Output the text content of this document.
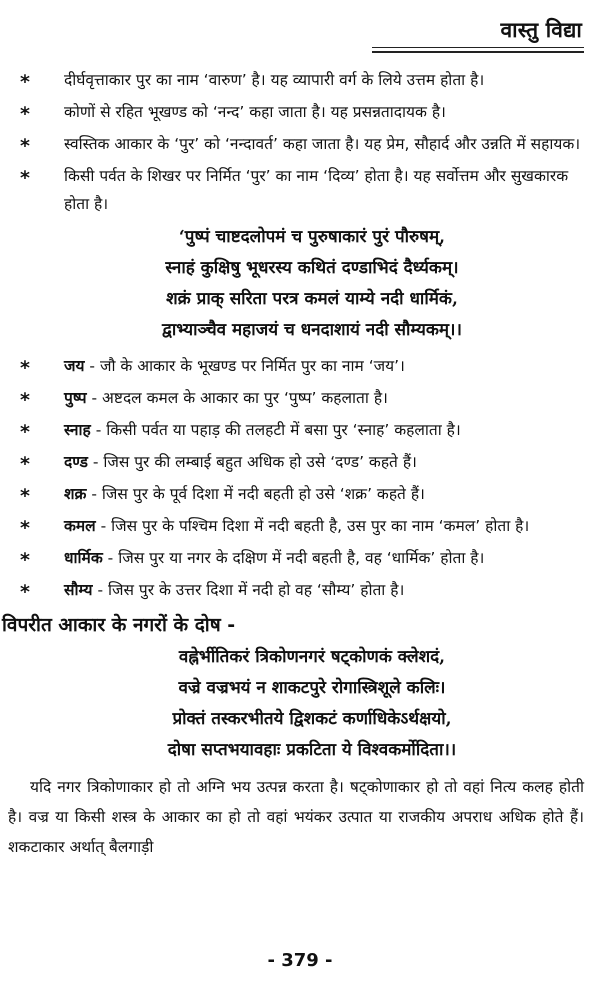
वास्तु विद्या
* दीर्घवृत्ताकार पुर का नाम ‘वारुण’ है। यह व्यापारी वर्ग के लिये उत्तम होता है।
* कोणों से रहित भूखण्ड को ‘नन्द’ कहा जाता है। यह प्रसन्नतादायक है।
* स्वस्तिक आकार के ‘पुर’ को ‘नन्दावर्त’ कहा जाता है। यह प्रेम, सौहार्द और उन्नति में सहायक।
* किसी पर्वत के शिखर पर निर्मित ‘पुर’ का नाम ‘दिव्य’ होता है। यह सर्वोत्तम और सुखकारक होता है।
‘पुष्पं चाष्टदलोपमं च पुरुषाकारं पुरं पौरुषम्,
स्नाहं कुक्षिषु भूधरस्य कथितं दण्डाभिदं दैर्ध्यकम्।
शक्रं प्राक् सरिता परत्र कमलं याम्ये नदी धार्मिकं,
द्वाभ्याञ्चैव महाजयं च धनदाशायं नदी सौम्यकम्।।
* जय - जौ के आकार के भूखण्ड पर निर्मित पुर का नाम ‘जय’।
* पुष्प - अष्टदल कमल के आकार का पुर ‘पुष्प’ कहलाता है।
* स्नाह - किसी पर्वत या पहाड़ की तलहटी में बसा पुर ‘स्नाह’ कहलाता है।
* दण्ड - जिस पुर की लम्बाई बहुत अधिक हो उसे ‘दण्ड’ कहते हैं।
* शक्र - जिस पुर के पूर्व दिशा में नदी बहती हो उसे ‘शक्र’ कहते हैं।
* कमल - जिस पुर के पश्चिम दिशा में नदी बहती है, उस पुर का नाम ‘कमल’ होता है।
* धार्मिक - जिस पुर या नगर के दक्षिण में नदी बहती है, वह ‘धार्मिक’ होता है।
* सौम्य - जिस पुर के उत्तर दिशा में नदी हो वह ‘सौम्य’ होता है।
विपरीत आकार के नगरों के दोष -
वह्नेर्भीतिकरं त्रिकोणनगरं षट्कोणकं क्लेशदं,
वज्रे वज्रभयं न शाकटपुरे रोगास्त्रिशूले कलिः।
प्रोक्तं तस्करभीतये द्विशकटं कर्णाधिकेऽर्थक्षयो,
दोषा सप्तभयावहाः प्रकटिता ये विश्वकर्मोदिता।।
यदि नगर त्रिकोणाकार हो तो अग्नि भय उत्पन्न करता है। षट्कोणाकार हो तो वहां नित्य कलह होती है। वज्र या किसी शस्त्र के आकार का हो तो वहां भयंकर उत्पात या राजकीय अपराध अधिक होते हैं। शकटाकार अर्थात् बैलगाड़ी
- 379 -
